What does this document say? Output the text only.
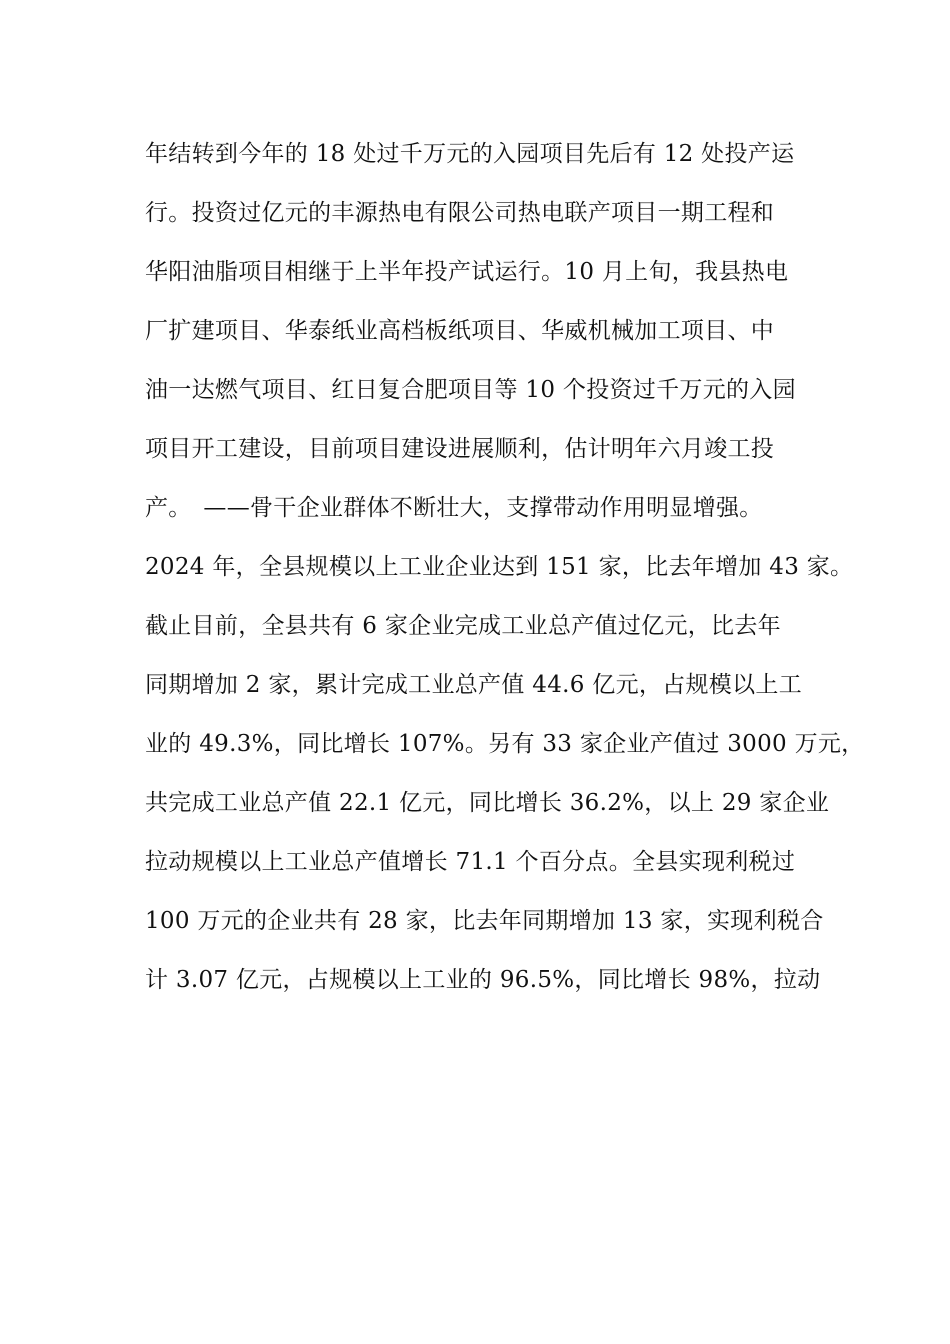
年结转到今年的 18 处过千万元的入园项目先后有 12 处投产运
行。投资过亿元的丰源热电有限公司热电联产项目一期工程和
华阳油脂项目相继于上半年投产试运行。10 月上旬，我县热电
厂扩建项目、华泰纸业高档板纸项目、华威机械加工项目、中
油一达燃气项目、红日复合肥项目等 10 个投资过千万元的入园
项目开工建设，目前项目建设进展顺利，估计明年六月竣工投
产。　——骨干企业群体不断壮大，支撑带动作用明显增强。
2024 年，全县规模以上工业企业达到 151 家，比去年增加 43 家。
截止目前，全县共有 6 家企业完成工业总产值过亿元，比去年
同期增加 2 家，累计完成工业总产值 44.6 亿元，占规模以上工
业的 49.3%，同比增长 107%。另有 33 家企业产值过 3000 万元，
共完成工业总产值 22.1 亿元，同比增长 36.2%，以上 29 家企业
拉动规模以上工业总产值增长 71.1 个百分点。全县实现利税过
100 万元的企业共有 28 家，比去年同期增加 13 家，实现利税合
计 3.07 亿元，占规模以上工业的 96.5%，同比增长 98%，拉动
